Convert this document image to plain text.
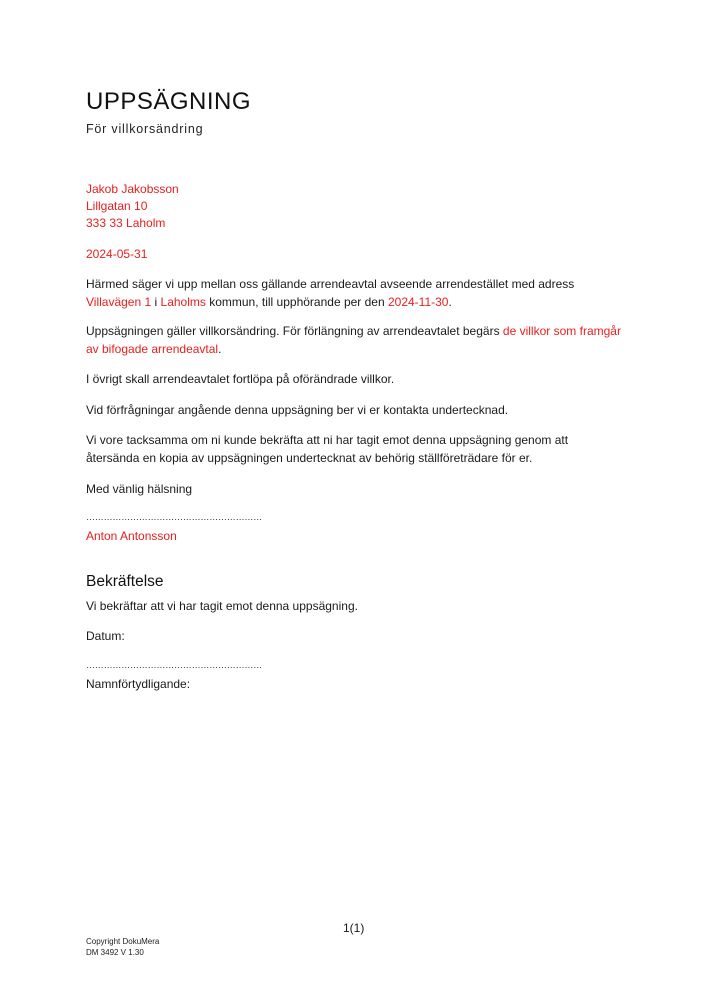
UPPSÄGNING
För villkorsändring
Jakob Jakobsson
Lillgatan 10
333 33 Laholm
2024-05-31
Härmed säger vi upp mellan oss gällande arrendeavtal avseende arrendestället med adress
Villavägen 1 i Laholms kommun, till upphörande per den 2024-11-30.
Uppsägningen gäller villkorsändring. För förlängning av arrendeavtalet begärs de villkor som framgår av bifogade arrendeavtal.
I övrigt skall arrendeavtalet fortlöpa på oförändrade villkor.
Vid förfrågningar angående denna uppsägning ber vi er kontakta undertecknad.
Vi vore tacksamma om ni kunde bekräfta att ni har tagit emot denna uppsägning genom att återsända en kopia av uppsägningen undertecknat av behörig ställföreträdare för er.
Med vänlig hälsning
……………………………………………………
Anton Antonsson
Bekräftelse
Vi bekräftar att vi har tagit emot denna uppsägning.
Datum:
……………………………………………………
Namnförtydligande:
1(1)
Copyright DokuMera
DM 3492 V 1.30
